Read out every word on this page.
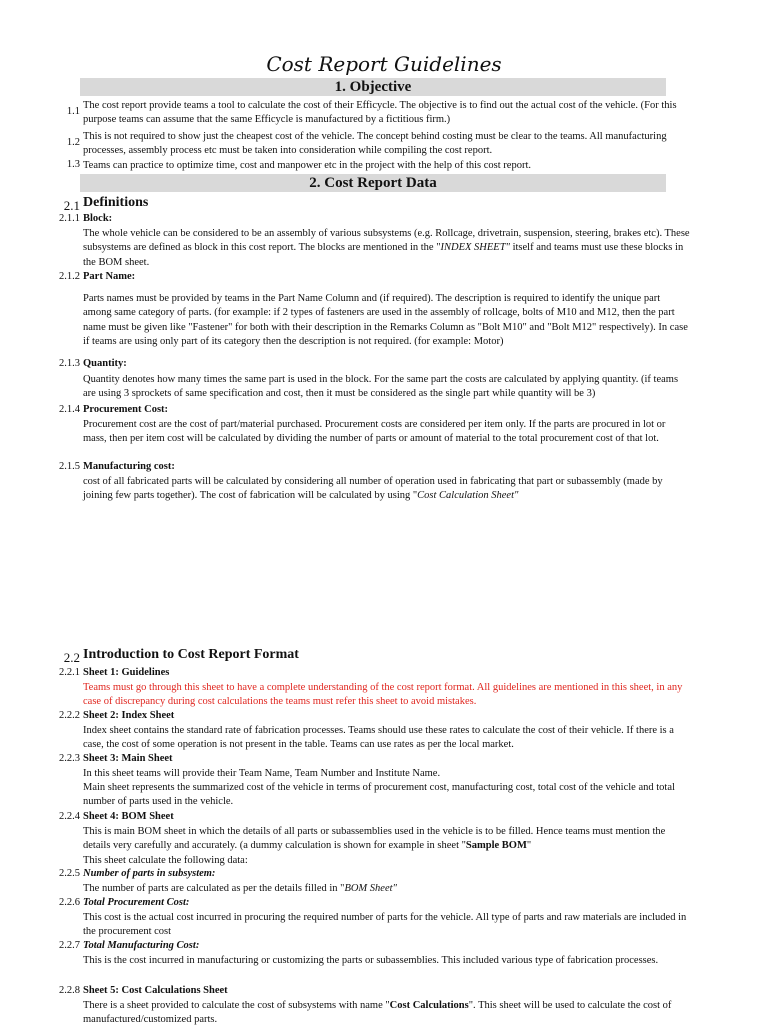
Cost Report Guidelines
1. Objective
1.1
The cost report provide teams a tool to calculate the cost of their Efficycle. The objective is to find out the actual cost of the vehicle. (For this purpose teams can assume that the same Efficycle is manufactured by a fictitious firm.)
1.2
This is not required to show just the cheapest cost of the vehicle. The concept behind costing must be clear to the teams. All manufacturing processes, assembly process etc must be taken into consideration while compiling the cost report.
1.3 Teams can practice to optimize time, cost and manpower etc in the project with the help of this cost report.
2. Cost Report Data
2.1 Definitions
2.1.1 Block:
The whole vehicle can be considered to be an assembly of various subsystems (e.g. Rollcage, drivetrain, suspension, steering, brakes etc). These subsystems are defined as block in this cost report. The blocks are mentioned in the "INDEX SHEET" itself and teams must use these blocks in the BOM sheet.
2.1.2 Part Name:
Parts names must be provided by teams in the Part Name Column and (if required). The description is required to identify the unique part among same category of parts. (for example: if 2 types of fasteners are used in the assembly of rollcage, bolts of M10 and M12, then the part name must be given like "Fastener" for both with their description in the Remarks Column as "Bolt M10" and "Bolt M12" respectively). In case if teams are using only part of its category then the description is not required. (for example: Motor)
2.1.3 Quantity:
Quantity denotes how many times the same part is used in the block. For the same part the costs are calculated by applying quantity. (if teams are using 3 sprockets of same specification and cost, then it must be considered as the single part while quantity will be 3)
2.1.4 Procurement Cost:
Procurement cost are the cost of part/material purchased. Procurement costs are considered per item only. If the parts are procured in lot or mass, then per item cost will be calculated by dividing the number of parts or amount of material to the total procurement cost of that lot.
2.1.5 Manufacturing cost:
cost of all fabricated parts will be calculated by considering all number of operation used in fabricating that part or subassembly (made by joining few parts together). The cost of fabrication will be calculated by using "Cost Calculation Sheet"
2.2 Introduction to Cost Report Format
2.2.1 Sheet 1: Guidelines
Teams must go through this sheet to have a complete understanding of the cost report format. All guidelines are mentioned in this sheet, in any case of discrepancy during cost calculations the teams must refer this sheet to avoid mistakes.
2.2.2 Sheet 2: Index Sheet
Index sheet contains the standard rate of fabrication processes. Teams should use these rates to calculate the cost of their vehicle. If there is a case, the cost of some operation is not present in the table. Teams can use rates as per the local market.
2.2.3 Sheet 3: Main Sheet
In this sheet teams will provide their Team Name, Team Number and Institute Name.
Main sheet represents the summarized cost of the vehicle in terms of procurement cost, manufacturing cost, total cost of the vehicle and total number of parts used in the vehicle.
2.2.4 Sheet 4: BOM Sheet
This is main BOM sheet in which the details of all parts or subassemblies used in the vehicle is to be filled. Hence teams must mention the details very carefully and accurately. (a dummy calculation is shown for example in sheet "Sample BOM"
This sheet calculate the following data:
2.2.5 Number of parts in subsystem:
The number of parts are calculated as per the details filled in "BOM Sheet"
2.2.6 Total Procurement Cost:
This cost is the actual cost incurred in procuring the required number of parts for the vehicle. All type of parts and raw materials are included in the procurement cost
2.2.7 Total Manufacturing Cost:
This is the cost incurred in manufacturing or customizing the parts or subassemblies. This included various type of fabrication processes.
2.2.8 Sheet 5: Cost Calculations Sheet
There is a sheet provided to calculate the cost of subsystems with name "Cost Calculations". This sheet will be used to calculate the cost of manufactured/customized parts.
